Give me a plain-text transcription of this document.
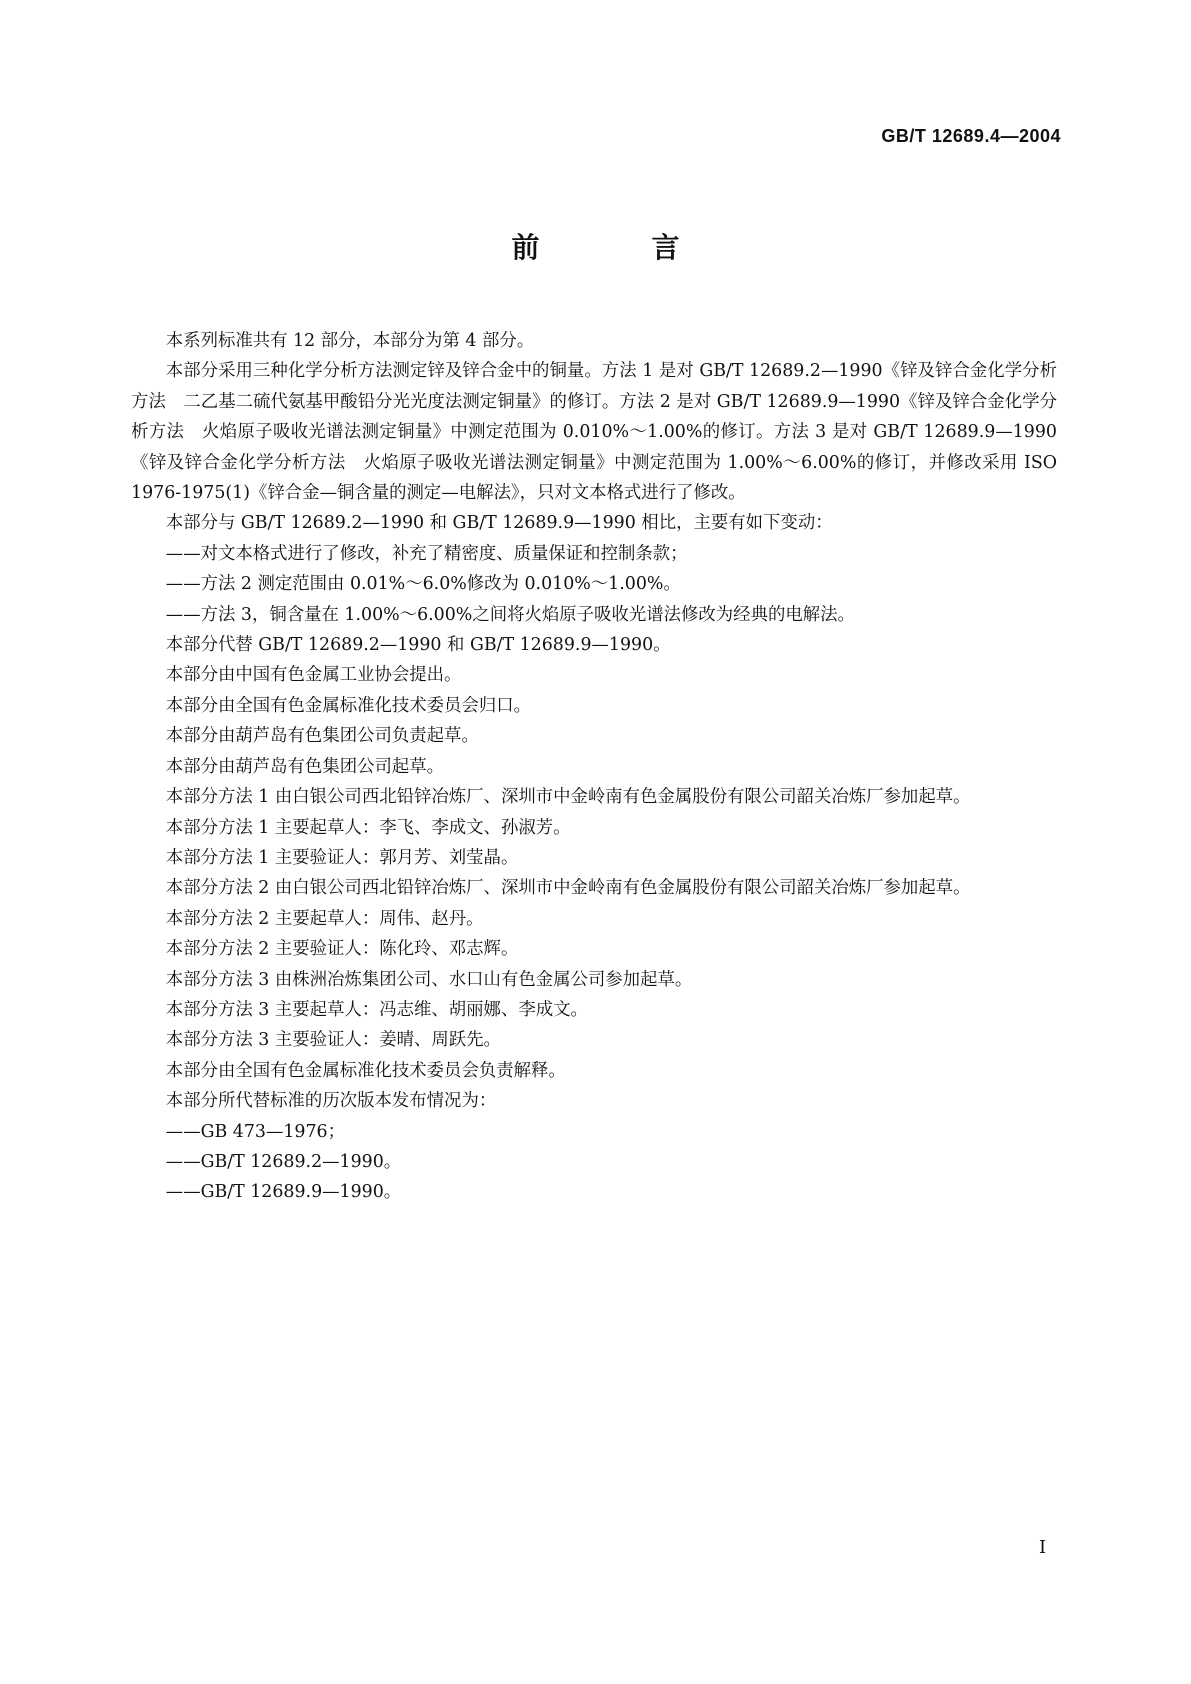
GB/T 12689.4—2004
前　言

本系列标准共有 12 部分，本部分为第 4 部分。

本部分采用三种化学分析方法测定锌及锌合金中的铜量。方法 1 是对 GB/T 12689.2—1990《锌及锌合金化学分析方法　二乙基二硫代氨基甲酸铅分光光度法测定铜量》的修订。方法 2 是对 GB/T 12689.9—1990《锌及锌合金化学分析方法　火焰原子吸收光谱法测定铜量》中测定范围为 0.010%～1.00%的修订。方法 3 是对 GB/T 12689.9—1990《锌及锌合金化学分析方法　火焰原子吸收光谱法测定铜量》中测定范围为 1.00%～6.00%的修订，并修改采用 ISO 1976-1975(1)《锌合金—铜含量的测定—电解法》，只对文本格式进行了修改。

本部分与 GB/T 12689.2—1990 和 GB/T 12689.9—1990 相比，主要有如下变动：

——对文本格式进行了修改，补充了精密度、质量保证和控制条款；

——方法 2 测定范围由 0.01%～6.0%修改为 0.010%～1.00%。

——方法 3，铜含量在 1.00%～6.00%之间将火焰原子吸收光谱法修改为经典的电解法。

本部分代替 GB/T 12689.2—1990 和 GB/T 12689.9—1990。

本部分由中国有色金属工业协会提出。

本部分由全国有色金属标准化技术委员会归口。

本部分由葫芦岛有色集团公司负责起草。

本部分由葫芦岛有色集团公司起草。

本部分方法 1 由白银公司西北铅锌冶炼厂、深圳市中金岭南有色金属股份有限公司韶关冶炼厂参加起草。

本部分方法 1 主要起草人：李飞、李成文、孙淑芳。

本部分方法 1 主要验证人：郭月芳、刘莹晶。

本部分方法 2 由白银公司西北铅锌冶炼厂、深圳市中金岭南有色金属股份有限公司韶关冶炼厂参加起草。

本部分方法 2 主要起草人：周伟、赵丹。

本部分方法 2 主要验证人：陈化玲、邓志辉。

本部分方法 3 由株洲冶炼集团公司、水口山有色金属公司参加起草。

本部分方法 3 主要起草人：冯志维、胡丽娜、李成文。

本部分方法 3 主要验证人：姜晴、周跃先。

本部分由全国有色金属标准化技术委员会负责解释。

本部分所代替标准的历次版本发布情况为：

——GB 473—1976；

——GB/T 12689.2—1990。

——GB/T 12689.9—1990。

I
